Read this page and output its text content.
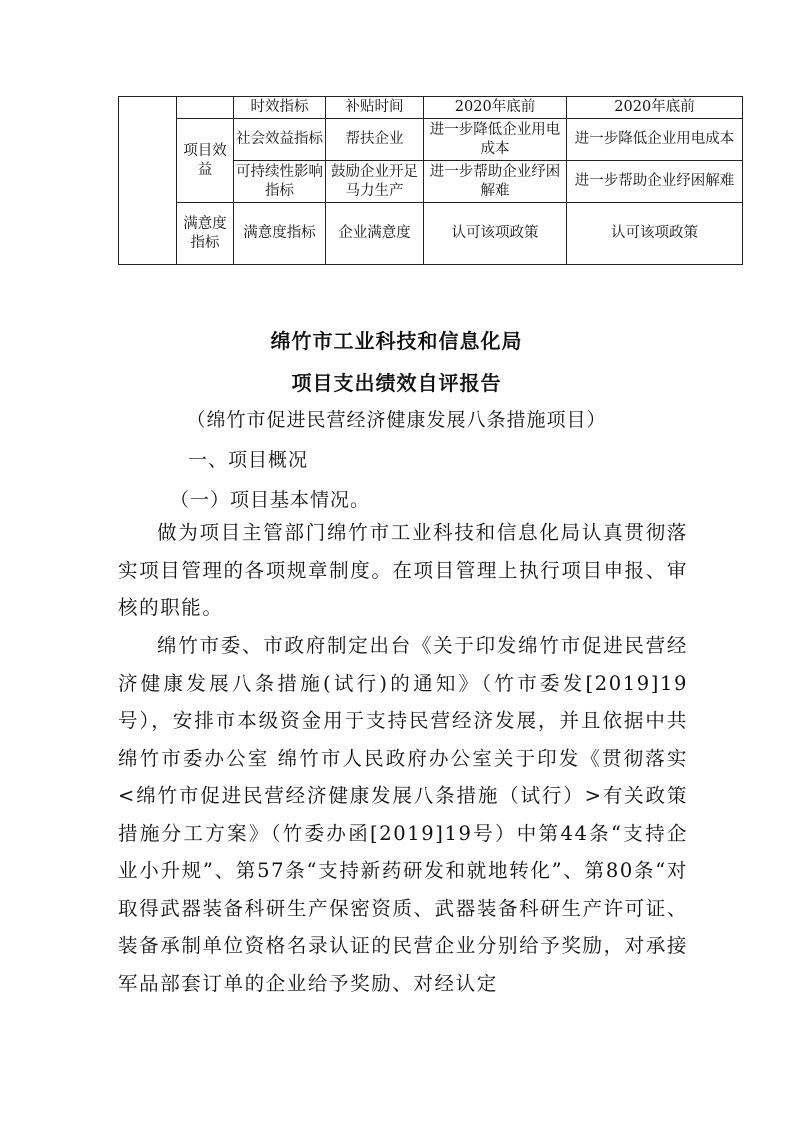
		时效指标	补贴时间	2020年底前	2020年底前
	项目效益	社会效益指标	帮扶企业	进一步降低企业用电成本	进一步降低企业用电成本
		可持续性影响指标	鼓励企业开足马力生产	进一步帮助企业纾困解难	进一步帮助企业纾困解难
	满意度指标	满意度指标	企业满意度	认可该项政策	认可该项政策
绵竹市工业科技和信息化局
项目支出绩效自评报告
（绵竹市促进民营经济健康发展八条措施项目）
一、项目概况
（一）项目基本情况。

做为项目主管部门绵竹市工业科技和信息化局认真贯彻落实项目管理的各项规章制度。在项目管理上执行项目申报、审核的职能。

绵竹市委、市政府制定出台《关于印发绵竹市促进民营经济健康发展八条措施(试行)的通知》（竹市委发[2019]19号），安排市本级资金用于支持民营经济发展，并且依据中共绵竹市委办公室 绵竹市人民政府办公室关于印发《贯彻落实<绵竹市促进民营经济健康发展八条措施（试行）>有关政策措施分工方案》（竹委办函[2019]19号）中第44条“支持企业小升规”、第57条“支持新药研发和就地转化”、第80条“对取得武器装备科研生产保密资质、武器装备科研生产许可证、装备承制单位资格名录认证的民营企业分别给予奖励，对承接军品部套订单的企业给予奖励、对经认定
